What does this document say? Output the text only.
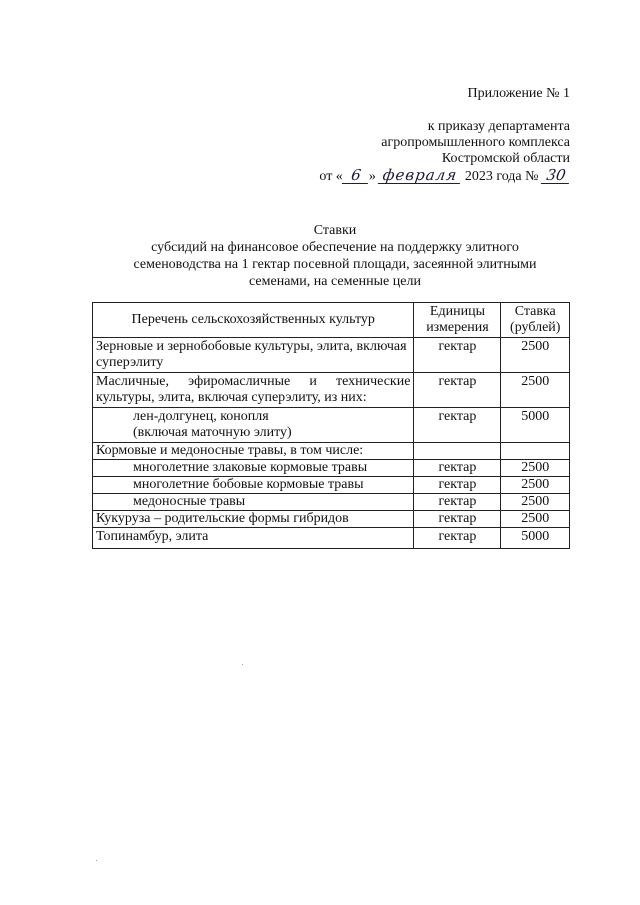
Приложение № 1
к приказу департамента
агропромышленного комплекса
Костромской области
от « 6 » февраля 2023 года № 30
Ставки
субсидий на финансовое обеспечение на поддержку элитного
семеноводства на 1 гектар посевной площади, засеянной элитными
семенами, на семенные цели
Перечень сельскохозяйственных культур	Единицы измерения	Ставка (рублей)
Зерновые и зернобобовые культуры, элита, включая суперэлиту	гектар	2500
Масличные, эфиромасличные и технические культуры, элита, включая суперэлиту, из них:	гектар	2500
лен-долгунец, конопля
(включая маточную элиту)	гектар	5000
Кормовые и медоносные травы, в том числе:		
многолетние злаковые кормовые травы	гектар	2500
многолетние бобовые кормовые травы	гектар	2500
медоносные травы	гектар	2500
Кукуруза – родительские формы гибридов	гектар	2500
Топинамбур, элита	гектар	5000
